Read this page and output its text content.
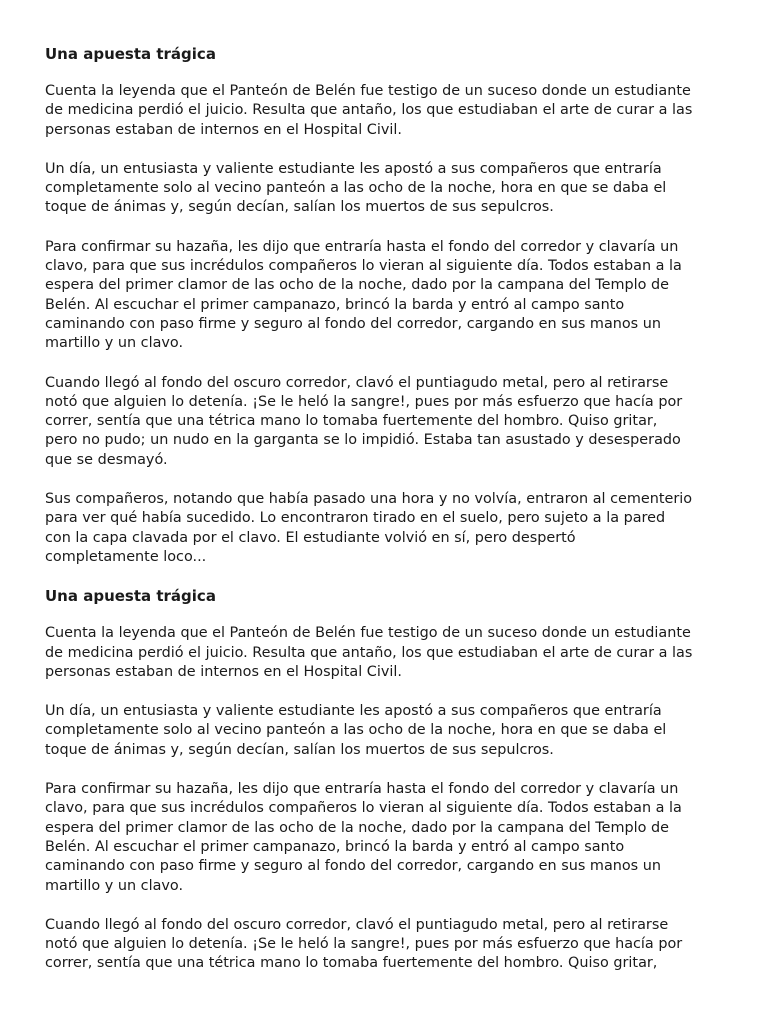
Una apuesta trágica

Cuenta la leyenda que el Panteón de Belén fue testigo de un suceso donde un estudiante
de medicina perdió el juicio. Resulta que antaño, los que estudiaban el arte de curar a las
personas estaban de internos en el Hospital Civil.

Un día, un entusiasta y valiente estudiante les apostó a sus compañeros que entraría
completamente solo al vecino panteón a las ocho de la noche, hora en que se daba el
toque de ánimas y, según decían, salían los muertos de sus sepulcros.

Para confirmar su hazaña, les dijo que entraría hasta el fondo del corredor y clavaría un
clavo, para que sus incrédulos compañeros lo vieran al siguiente día. Todos estaban a la
espera del primer clamor de las ocho de la noche, dado por la campana del Templo de
Belén. Al escuchar el primer campanazo, brincó la barda y entró al campo santo
caminando con paso firme y seguro al fondo del corredor, cargando en sus manos un
martillo y un clavo.

Cuando llegó al fondo del oscuro corredor, clavó el puntiagudo metal, pero al retirarse
notó que alguien lo detenía. ¡Se le heló la sangre!, pues por más esfuerzo que hacía por
correr, sentía que una tétrica mano lo tomaba fuertemente del hombro. Quiso gritar,
pero no pudo; un nudo en la garganta se lo impidió. Estaba tan asustado y desesperado
que se desmayó.

Sus compañeros, notando que había pasado una hora y no volvía, entraron al cementerio
para ver qué había sucedido. Lo encontraron tirado en el suelo, pero sujeto a la pared
con la capa clavada por el clavo. El estudiante volvió en sí, pero despertó
completamente loco...

Una apuesta trágica

Cuenta la leyenda que el Panteón de Belén fue testigo de un suceso donde un estudiante
de medicina perdió el juicio. Resulta que antaño, los que estudiaban el arte de curar a las
personas estaban de internos en el Hospital Civil.

Un día, un entusiasta y valiente estudiante les apostó a sus compañeros que entraría
completamente solo al vecino panteón a las ocho de la noche, hora en que se daba el
toque de ánimas y, según decían, salían los muertos de sus sepulcros.

Para confirmar su hazaña, les dijo que entraría hasta el fondo del corredor y clavaría un
clavo, para que sus incrédulos compañeros lo vieran al siguiente día. Todos estaban a la
espera del primer clamor de las ocho de la noche, dado por la campana del Templo de
Belén. Al escuchar el primer campanazo, brincó la barda y entró al campo santo
caminando con paso firme y seguro al fondo del corredor, cargando en sus manos un
martillo y un clavo.

Cuando llegó al fondo del oscuro corredor, clavó el puntiagudo metal, pero al retirarse
notó que alguien lo detenía. ¡Se le heló la sangre!, pues por más esfuerzo que hacía por
correr, sentía que una tétrica mano lo tomaba fuertemente del hombro. Quiso gritar,
